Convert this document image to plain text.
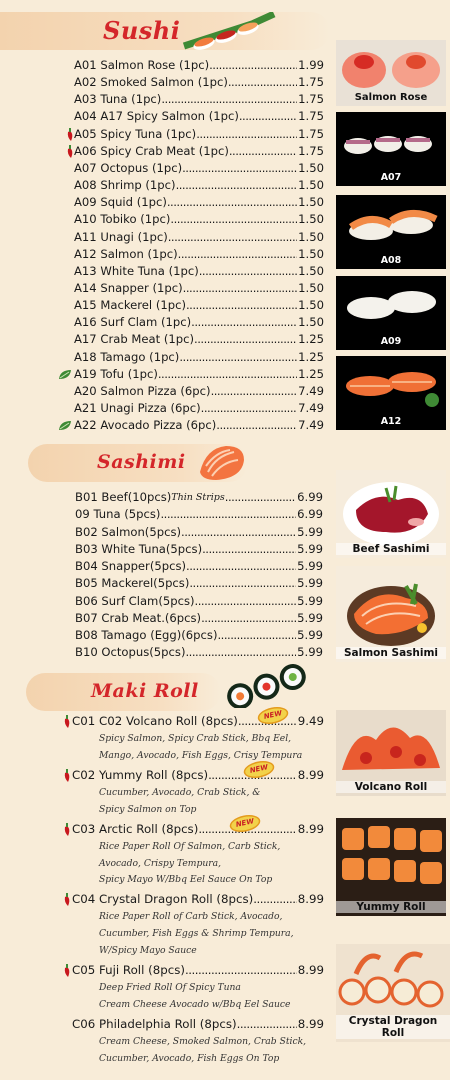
Sushi
A01 Salmon Rose (1pc) .....	1.99
A02 Smoked Salmon (1pc) .....	1.75
A03 Tuna (1pc) .....	1.75
A04 A17 Spicy Salmon (1pc) .....	1.75
A05 Spicy Tuna (1pc) .....	1.75
A06 Spicy Crab Meat (1pc) .....	1.75
A07 Octopus (1pc) .....	1.50
A08 Shrimp (1pc) .....	1.50
A09 Squid (1pc) .....	1.50
A10 Tobiko (1pc) .....	1.50
A11 Unagi (1pc) .....	1.50
A12 Salmon (1pc) .....	1.50
A13 White Tuna (1pc) .....	1.50
A14 Snapper (1pc) .....	1.50
A15 Mackerel (1pc) .....	1.50
A16 Surf Clam (1pc) .....	1.50
A17 Crab Meat (1pc) .....	1.25
A18 Tamago (1pc) .....	1.25
A19 Tofu (1pc) .....	1.25
A20 Salmon Pizza (6pc) .....	7.49
A21 Unagi Pizza (6pc) .....	7.49
A22 Avocado Pizza (6pc) .....	7.49
Salmon Rose
A07
A08
A09
A12
Sashimi
B01 Beef(10pcs) Thin Strips .....	6.99
09 Tuna (5pcs) .....	6.99
B02 Salmon(5pcs) .....	5.99
B03 White Tuna(5pcs) .....	5.99
B04 Snapper(5pcs) .....	5.99
B05 Mackerel(5pcs) .....	5.99
B06 Surf Clam(5pcs) .....	5.99
B07 Crab Meat.(6pcs) .....	5.99
B08 Tamago (Egg)(6pcs) .....	5.99
B10 Octopus(5pcs) .....	5.99
Beef Sashimi
Salmon Sashimi
Maki Roll
C01 C02 Volcano Roll (8pcs) .....	9.49
NEW
Spicy Salmon, Spicy Crab Stick, Bbq Eel,
Mango, Avocado, Fish Eggs, Crisy Tempura
C02 Yummy Roll (8pcs) .....	8.99
NEW
Cucumber, Avocado, Crab Stick, &
Spicy Salmon on Top
C03 Arctic Roll (8pcs) .....	8.99
NEW
Rice Paper Roll Of Salmon, Carb Stick,
Avocado, Crispy Tempura,
Spicy Mayo W/Bbq Eel Sauce On Top
C04 Crystal Dragon Roll (8pcs) .....	8.99
Rice Paper Roll of Carb Stick, Avocado,
Cucumber, Fish Eggs & Shrimp Tempura,
W/Spicy Mayo Sauce
C05 Fuji Roll (8pcs) .....	8.99
Deep Fried Roll Of Spicy Tuna
Cream Cheese Avocado w/Bbq Eel Sauce
C06 Philadelphia Roll (8pcs) .....	8.99
Cream Cheese, Smoked Salmon, Crab Stick,
Cucumber, Avocado, Fish Eggs On Top
Volcano Roll
Yummy Roll
Crystal Dragon Roll
